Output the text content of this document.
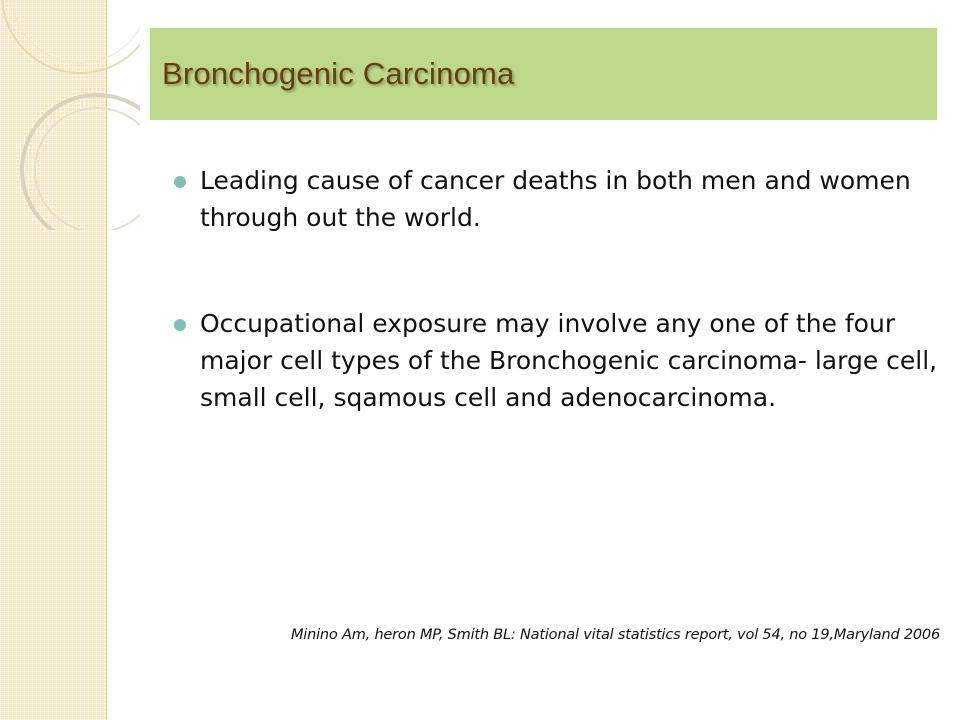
Bronchogenic Carcinoma
Leading cause of cancer deaths in both men and women through out the world.
Occupational exposure may involve any one of the four major cell types of the Bronchogenic carcinoma- large cell, small cell, sqamous cell and adenocarcinoma.

Minino Am, heron MP, Smith BL: National vital statistics report, vol 54, no 19,Maryland 2006
